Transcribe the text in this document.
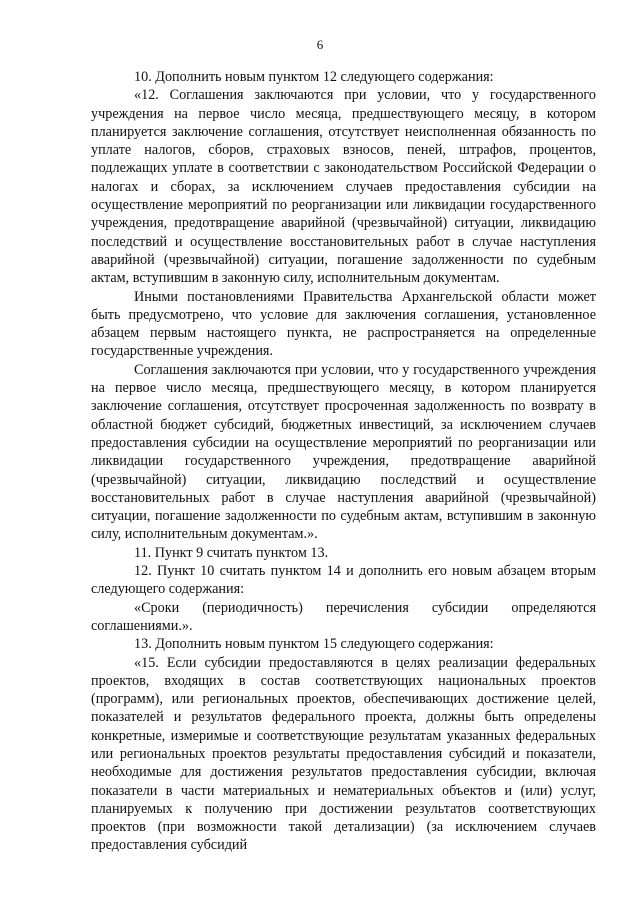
6

10. Дополнить новым пунктом 12 следующего содержания:

«12. Соглашения заключаются при условии, что у государственного учреждения на первое число месяца, предшествующего месяцу, в котором планируется заключение соглашения, отсутствует неисполненная обязанность по уплате налогов, сборов, страховых взносов, пеней, штрафов, процентов, подлежащих уплате в соответствии с законодательством Российской Федерации о налогах и сборах, за исключением случаев предоставления субсидии на осуществление мероприятий по реорганизации или ликвидации государственного учреждения, предотвращение аварийной (чрезвычайной) ситуации, ликвидацию последствий и осуществление восстановительных работ в случае наступления аварийной (чрезвычайной) ситуации, погашение задолженности по судебным актам, вступившим в законную силу, исполнительным документам.

Иными постановлениями Правительства Архангельской области может быть предусмотрено, что условие для заключения соглашения, установленное абзацем первым настоящего пункта, не распространяется на определенные государственные учреждения.

Соглашения заключаются при условии, что у государственного учреждения на первое число месяца, предшествующего месяцу, в котором планируется заключение соглашения, отсутствует просроченная задолженность по возврату в областной бюджет субсидий, бюджетных инвестиций, за исключением случаев предоставления субсидии на осуществление мероприятий по реорганизации или ликвидации государственного учреждения, предотвращение аварийной (чрезвычайной) ситуации, ликвидацию последствий и осуществление восстановительных работ в случае наступления аварийной (чрезвычайной) ситуации, погашение задолженности по судебным актам, вступившим в законную силу, исполнительным документам.».

11. Пункт 9 считать пунктом 13.

12. Пункт 10 считать пунктом 14 и дополнить его новым абзацем вторым следующего содержания:

«Сроки (периодичность) перечисления субсидии определяются соглашениями.».

13. Дополнить новым пунктом 15 следующего содержания:

«15. Если субсидии предоставляются в целях реализации федеральных проектов, входящих в состав соответствующих национальных проектов (программ), или региональных проектов, обеспечивающих достижение целей, показателей и результатов федерального проекта, должны быть определены конкретные, измеримые и соответствующие результатам указанных федеральных или региональных проектов результаты предоставления субсидий и показатели, необходимые для достижения результатов предоставления субсидии, включая показатели в части материальных и нематериальных объектов и (или) услуг, планируемых к получению при достижении результатов соответствующих проектов (при возможности такой детализации) (за исключением случаев предоставления субсидий
